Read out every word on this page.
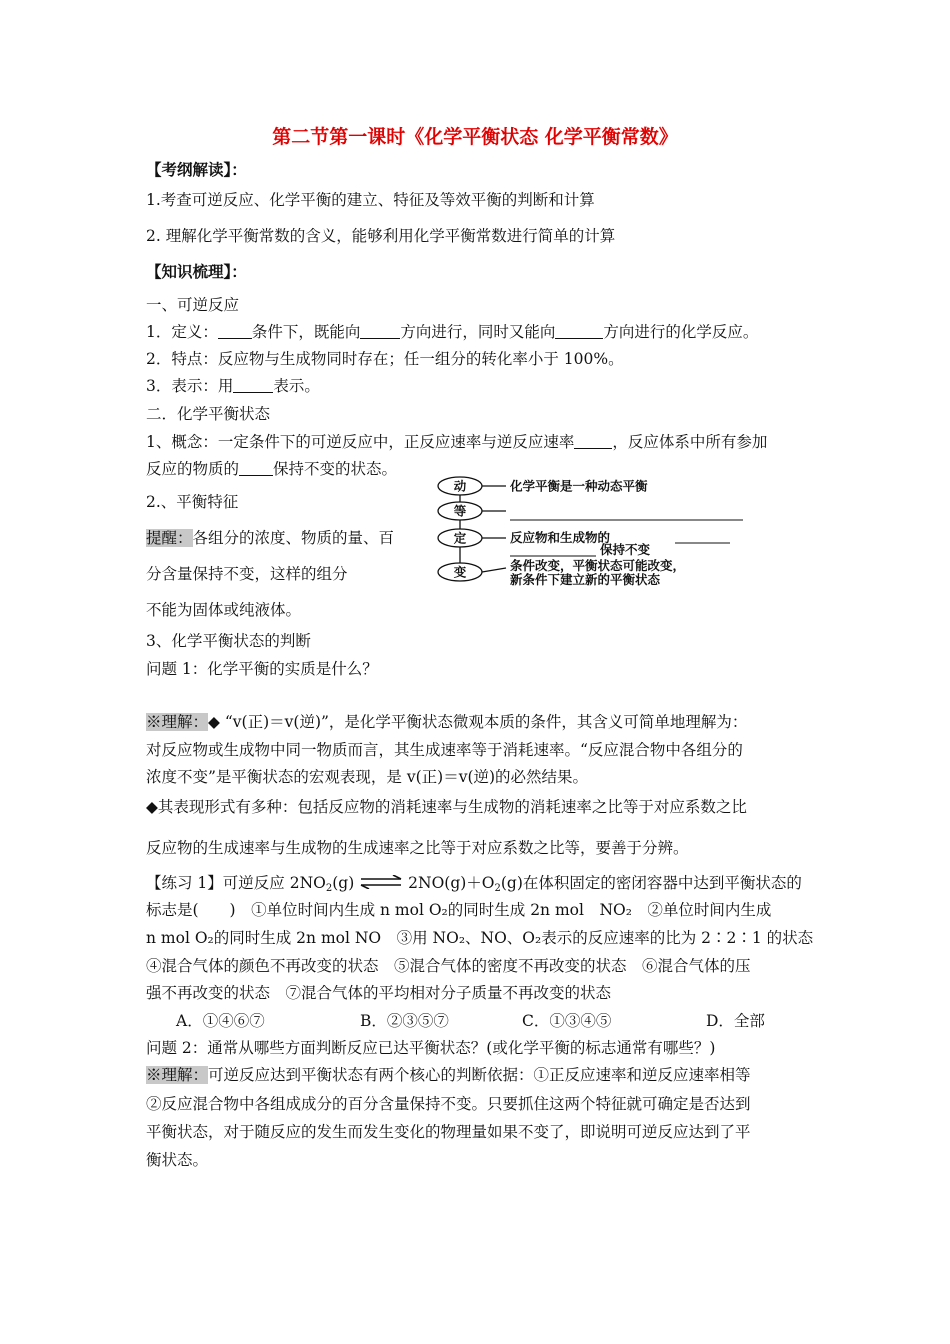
第二节第一课时《化学平衡状态 化学平衡常数》
【考纲解读】：
1.考查可逆反应、化学平衡的建立、特征及等效平衡的判断和计算
2. 理解化学平衡常数的含义，能够利用化学平衡常数进行简单的计算
【知识梳理】：
一、可逆反应
1．定义： 条件下，既能向	方向进行，同时又能向	方向进行的化学反应。
2．特点：反应物与生成物同时存在；任一组分的转化率小于 100%。
3．表示：用	表示。
二．化学平衡状态
1、概念：一定条件下的可逆反应中，正反应速率与逆反应速率 ，反应体系中所有参加
反应的物质的 保持不变的状态。
2.、平衡特征
提醒：各组分的浓度、物质的量、百
分含量保持不变，这样的组分
不能为固体或纯液体。
动	化学平衡是一种动态平衡
等
定	反应物和生成物的
保持不变
变	条件改变，平衡状态可能改变，
新条件下建立新的平衡状态
3、化学平衡状态的判断
问题 1：化学平衡的实质是什么？
※理解：◆ “v(正)＝v(逆)”，是化学平衡状态微观本质的条件，其含义可简单地理解为：
对反应物或生成物中同一物质而言，其生成速率等于消耗速率。“反应混合物中各组分的
浓度不变”是平衡状态的宏观表现，是 v(正)＝v(逆)的必然结果。
◆其表现形式有多种：包括反应物的消耗速率与生成物的消耗速率之比等于对应系数之比
反应物的生成速率与生成物的生成速率之比等于对应系数之比等，要善于分辨。
【练习 1】可逆反应 $2NO_2(g)$ ⇌ $2NO(g)+O_2(g)$在体积固定的密闭容器中达到平衡状态的
标志是(　　)　①单位时间内生成 n mol O₂的同时生成 2n mol　NO₂　②单位时间内生成
n mol O₂的同时生成 2n mol NO　③用 NO₂、NO、O₂表示的反应速率的比为 2∶2∶1 的状态
④混合气体的颜色不再改变的状态　⑤混合气体的密度不再改变的状态　⑥混合气体的压
强不再改变的状态　⑦混合气体的平均相对分子质量不再改变的状态
A．①④⑥⑦	B．②③⑤⑦	C．①③④⑤	D．全部
问题 2：通常从哪些方面判断反应已达平衡状态？(或化学平衡的标志通常有哪些？)
※理解：可逆反应达到平衡状态有两个核心的判断依据：①正反应速率和逆反应速率相等
②反应混合物中各组成成分的百分含量保持不变。只要抓住这两个特征就可确定是否达到
平衡状态，对于随反应的发生而发生变化的物理量如果不变了，即说明可逆反应达到了平
衡状态。
